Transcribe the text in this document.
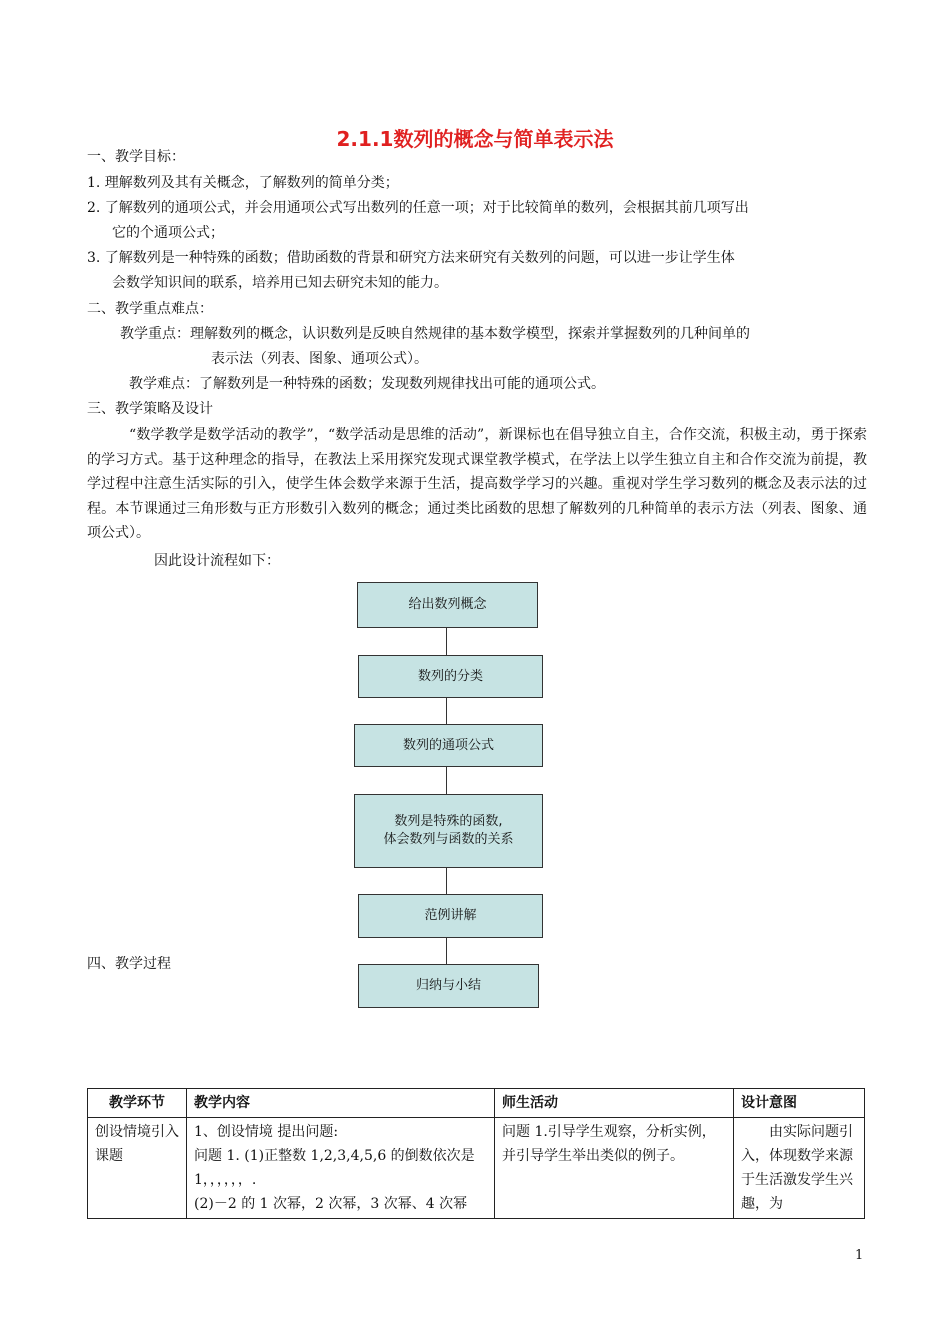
2.1.1数列的概念与简单表示法
一、教学目标：
1. 理解数列及其有关概念，了解数列的简单分类；
2. 了解数列的通项公式，并会用通项公式写出数列的任意一项；对于比较简单的数列，会根据其前几项写出
它的个通项公式；
3. 了解数列是一种特殊的函数；借助函数的背景和研究方法来研究有关数列的问题，可以进一步让学生体
会数学知识间的联系，培养用已知去研究未知的能力。
二、教学重点难点：
教学重点：理解数列的概念，认识数列是反映自然规律的基本数学模型，探索并掌握数列的几种间单的
表示法（列表、图象、通项公式）。
教学难点：了解数列是一种特殊的函数；发现数列规律找出可能的通项公式。
三、教学策略及设计
“数学教学是数学活动的教学”，“数学活动是思维的活动”，新课标也在倡导独立自主，合作交流，积极主动，勇于探索的学习方式。基于这种理念的指导，在教法上采用探究发现式课堂教学模式，在学法上以学生独立自主和合作交流为前提，教学过程中注意生活实际的引入，使学生体会数学来源于生活，提高数学学习的兴趣。重视对学生学习数列的概念及表示法的过程。本节课通过三角形数与正方形数引入数列的概念；通过类比函数的思想了解数列的几种简单的表示方法（列表、图象、通项公式）。
因此设计流程如下：
给出数列概念
数列的分类
数列的通项公式
数列是特殊的函数,
体会数列与函数的关系
范例讲解
归纳与小结
四、教学过程
教学环节	教学内容	师生活动	设计意图
创设情境引入课题	1、创设情境 提出问题:
问题 1. (1)正整数 1,2,3,4,5,6 的倒数依次是 1，，，，，，.
(2)－2 的 1 次幂，2 次幂，3 次幂、4 次幂	问题 1.引导学生观察，分析实例，并引导学生举出类似的例子。	由实际问题引入，体现数学来源于生活激发学生兴趣，为
1
